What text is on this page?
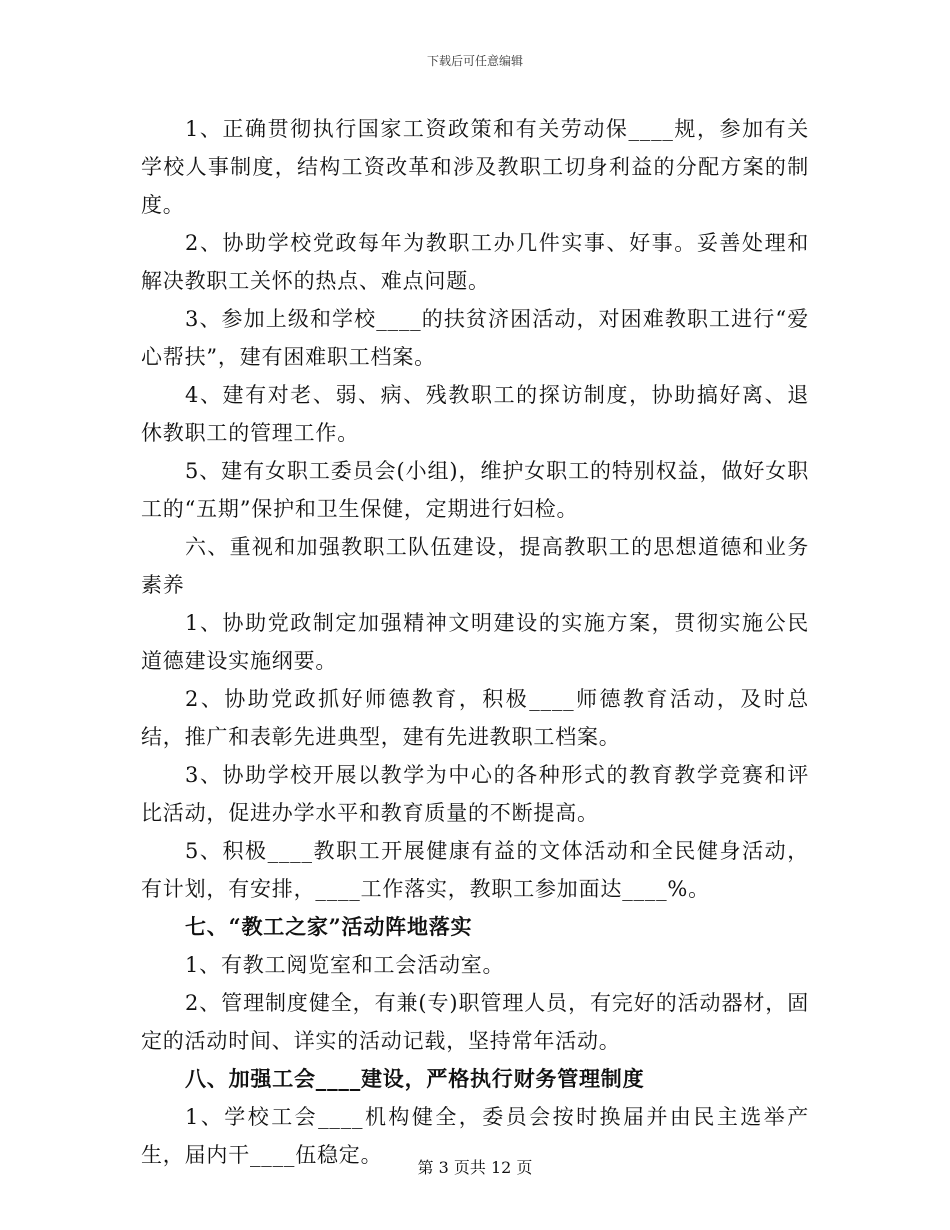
下载后可任意编辑

1、正确贯彻执行国家工资政策和有关劳动保____规，参加有关学校人事制度，结构工资改革和涉及教职工切身利益的分配方案的制度。

2、协助学校党政每年为教职工办几件实事、好事。妥善处理和解决教职工关怀的热点、难点问题。

3、参加上级和学校____的扶贫济困活动，对困难教职工进行“爱心帮扶”，建有困难职工档案。

4、建有对老、弱、病、残教职工的探访制度，协助搞好离、退休教职工的管理工作。

5、建有女职工委员会(小组)，维护女职工的特别权益，做好女职工的“五期”保护和卫生保健，定期进行妇检。

六、重视和加强教职工队伍建设，提高教职工的思想道德和业务素养

1、协助党政制定加强精神文明建设的实施方案，贯彻实施公民道德建设实施纲要。

2、协助党政抓好师德教育，积极____师德教育活动，及时总结，推广和表彰先进典型，建有先进教职工档案。

3、协助学校开展以教学为中心的各种形式的教育教学竞赛和评比活动，促进办学水平和教育质量的不断提高。

5、积极____教职工开展健康有益的文体活动和全民健身活动，有计划，有安排，____工作落实，教职工参加面达____%。

七、“教工之家”活动阵地落实

1、有教工阅览室和工会活动室。

2、管理制度健全，有兼(专)职管理人员，有完好的活动器材，固定的活动时间、详实的活动记载，坚持常年活动。

八、加强工会____建设，严格执行财务管理制度

1、学校工会____机构健全，委员会按时换届并由民主选举产生，届内干____伍稳定。

第 3 页共 12 页
